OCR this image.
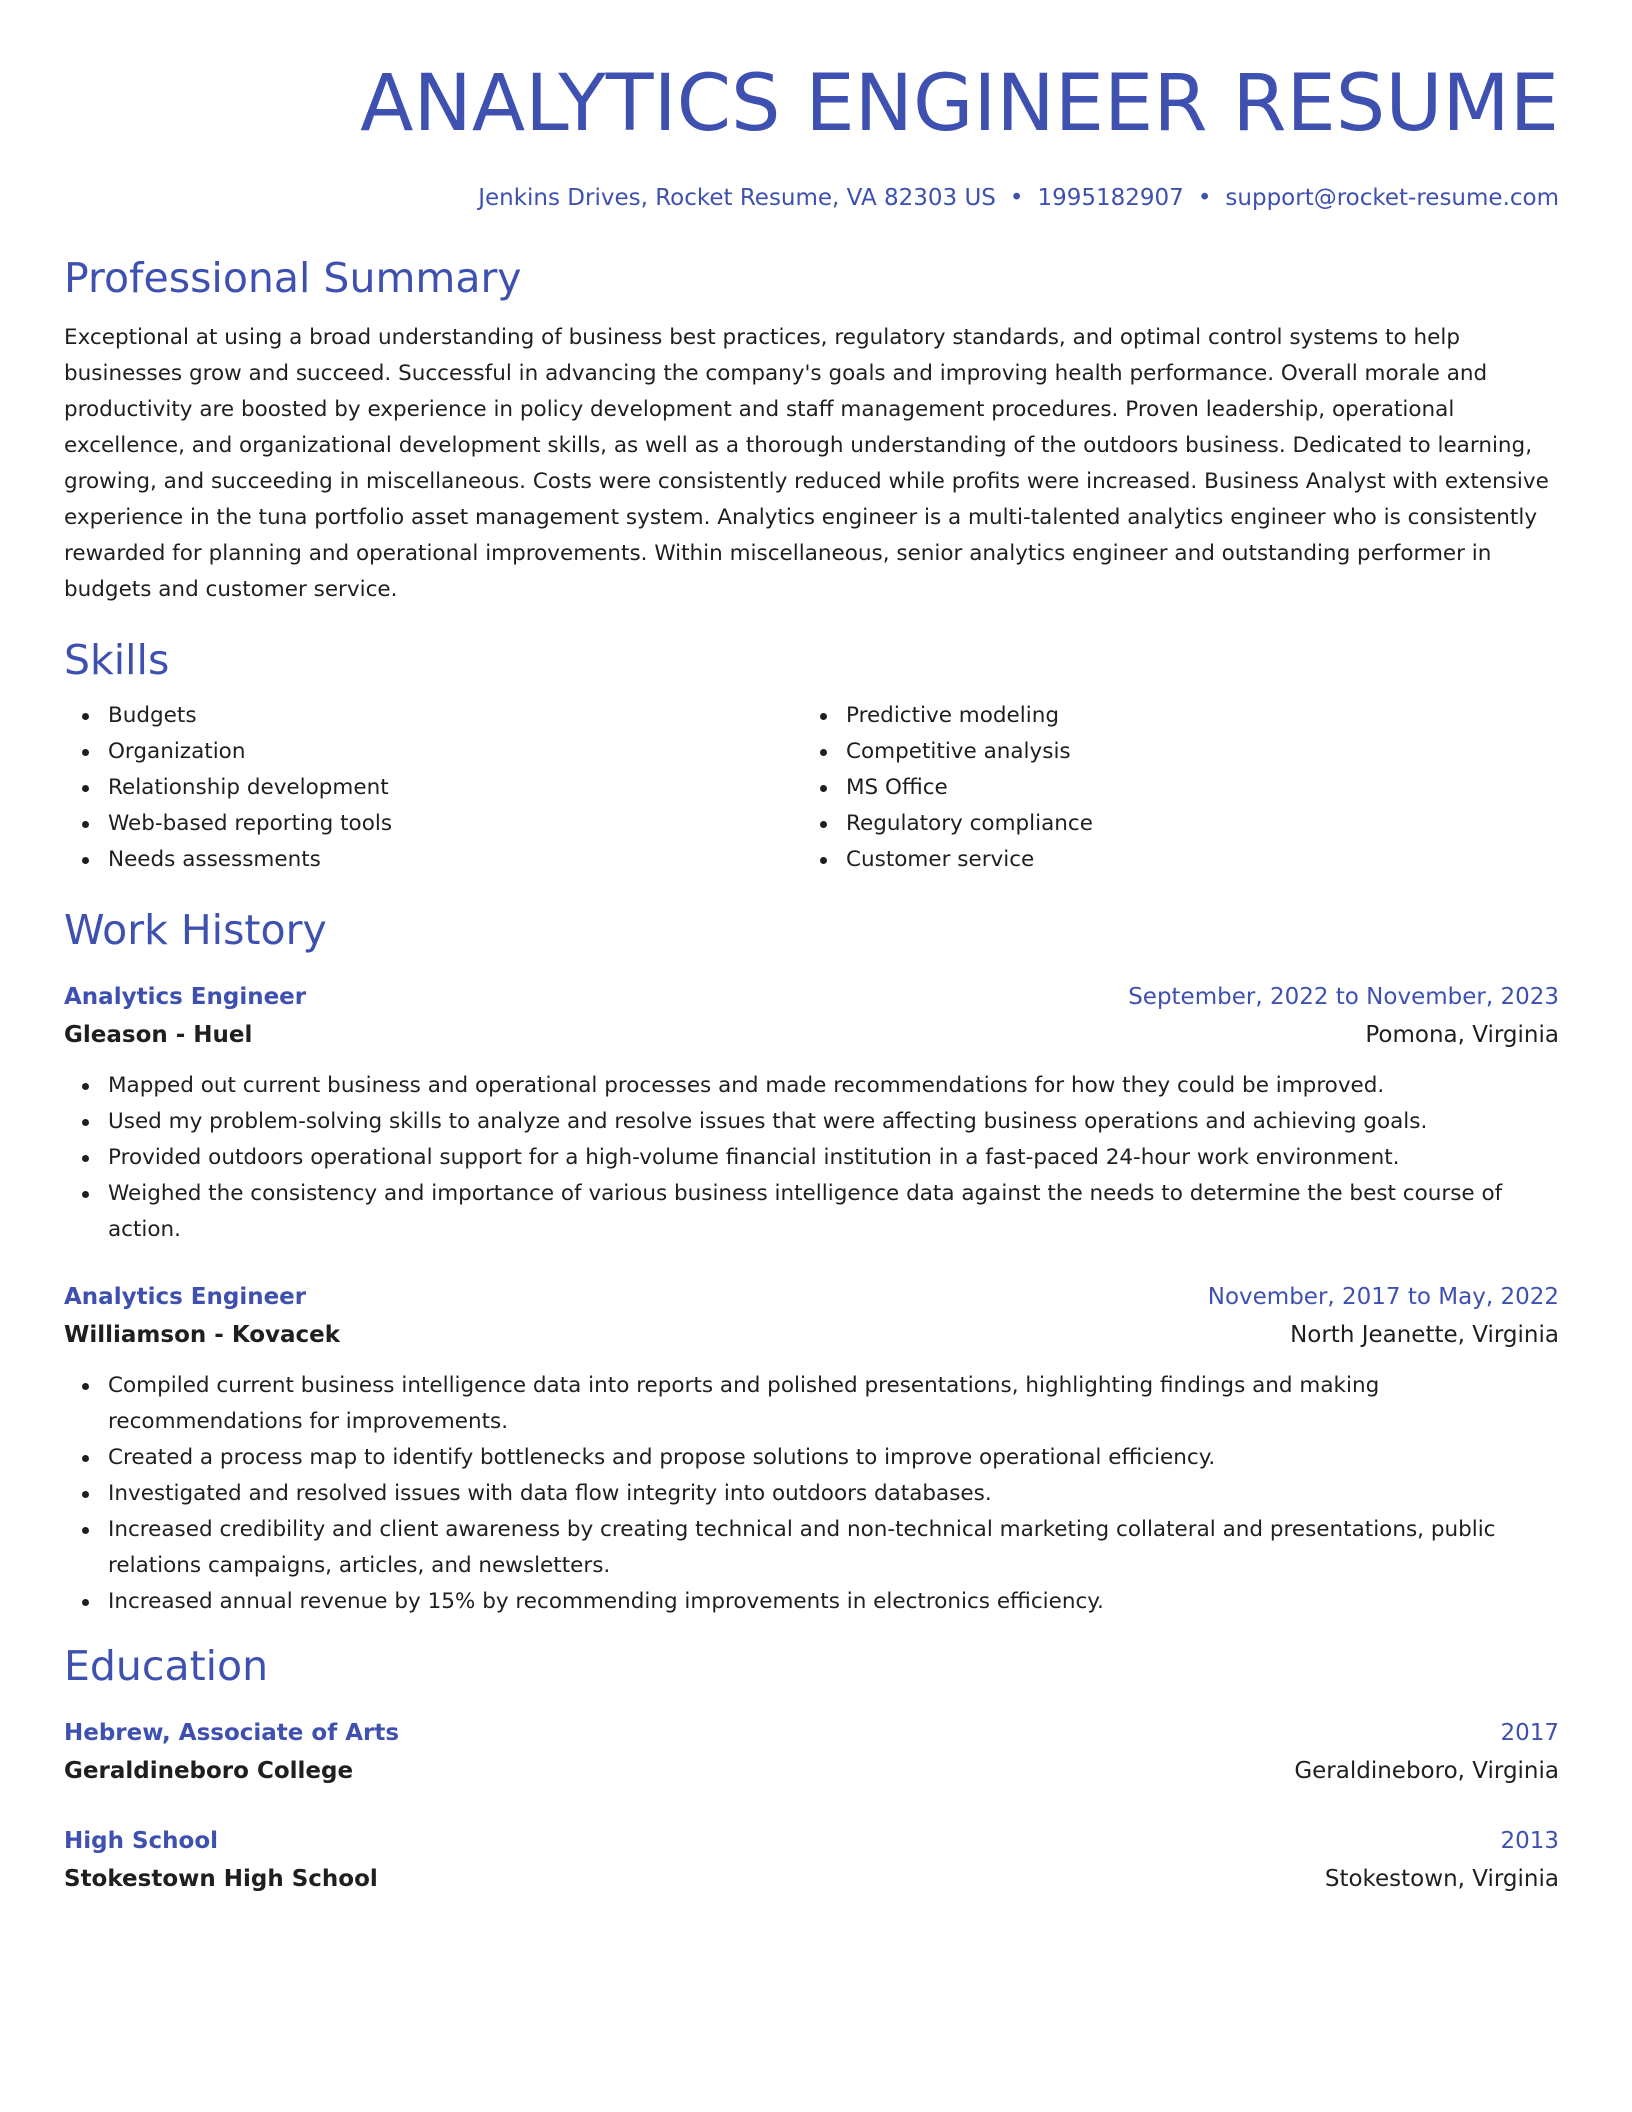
ANALYTICS ENGINEER RESUME
Jenkins Drives, Rocket Resume, VA 82303 US • 1995182907 • support@rocket-resume.com
Professional Summary
Exceptional at using a broad understanding of business best practices, regulatory standards, and optimal control systems to help businesses grow and succeed. Successful in advancing the company's goals and improving health performance. Overall morale and productivity are boosted by experience in policy development and staff management procedures. Proven leadership, operational excellence, and organizational development skills, as well as a thorough understanding of the outdoors business. Dedicated to learning, growing, and succeeding in miscellaneous. Costs were consistently reduced while profits were increased. Business Analyst with extensive experience in the tuna portfolio asset management system. Analytics engineer is a multi-talented analytics engineer who is consistently rewarded for planning and operational improvements. Within miscellaneous, senior analytics engineer and outstanding performer in budgets and customer service.
Skills
Budgets
Organization
Relationship development
Web-based reporting tools
Needs assessments
Predictive modeling
Competitive analysis
MS Office
Regulatory compliance
Customer service
Work History
Analytics Engineer	September, 2022 to November, 2023
Gleason - Huel	Pomona, Virginia
Mapped out current business and operational processes and made recommendations for how they could be improved.
Used my problem-solving skills to analyze and resolve issues that were affecting business operations and achieving goals.
Provided outdoors operational support for a high-volume financial institution in a fast-paced 24-hour work environment.
Weighed the consistency and importance of various business intelligence data against the needs to determine the best course of action.
Analytics Engineer	November, 2017 to May, 2022
Williamson - Kovacek	North Jeanette, Virginia
Compiled current business intelligence data into reports and polished presentations, highlighting findings and making recommendations for improvements.
Created a process map to identify bottlenecks and propose solutions to improve operational efficiency.
Investigated and resolved issues with data flow integrity into outdoors databases.
Increased credibility and client awareness by creating technical and non-technical marketing collateral and presentations, public relations campaigns, articles, and newsletters.
Increased annual revenue by 15% by recommending improvements in electronics efficiency.
Education
Hebrew, Associate of Arts	2017
Geraldineboro College	Geraldineboro, Virginia
High School	2013
Stokestown High School	Stokestown, Virginia
